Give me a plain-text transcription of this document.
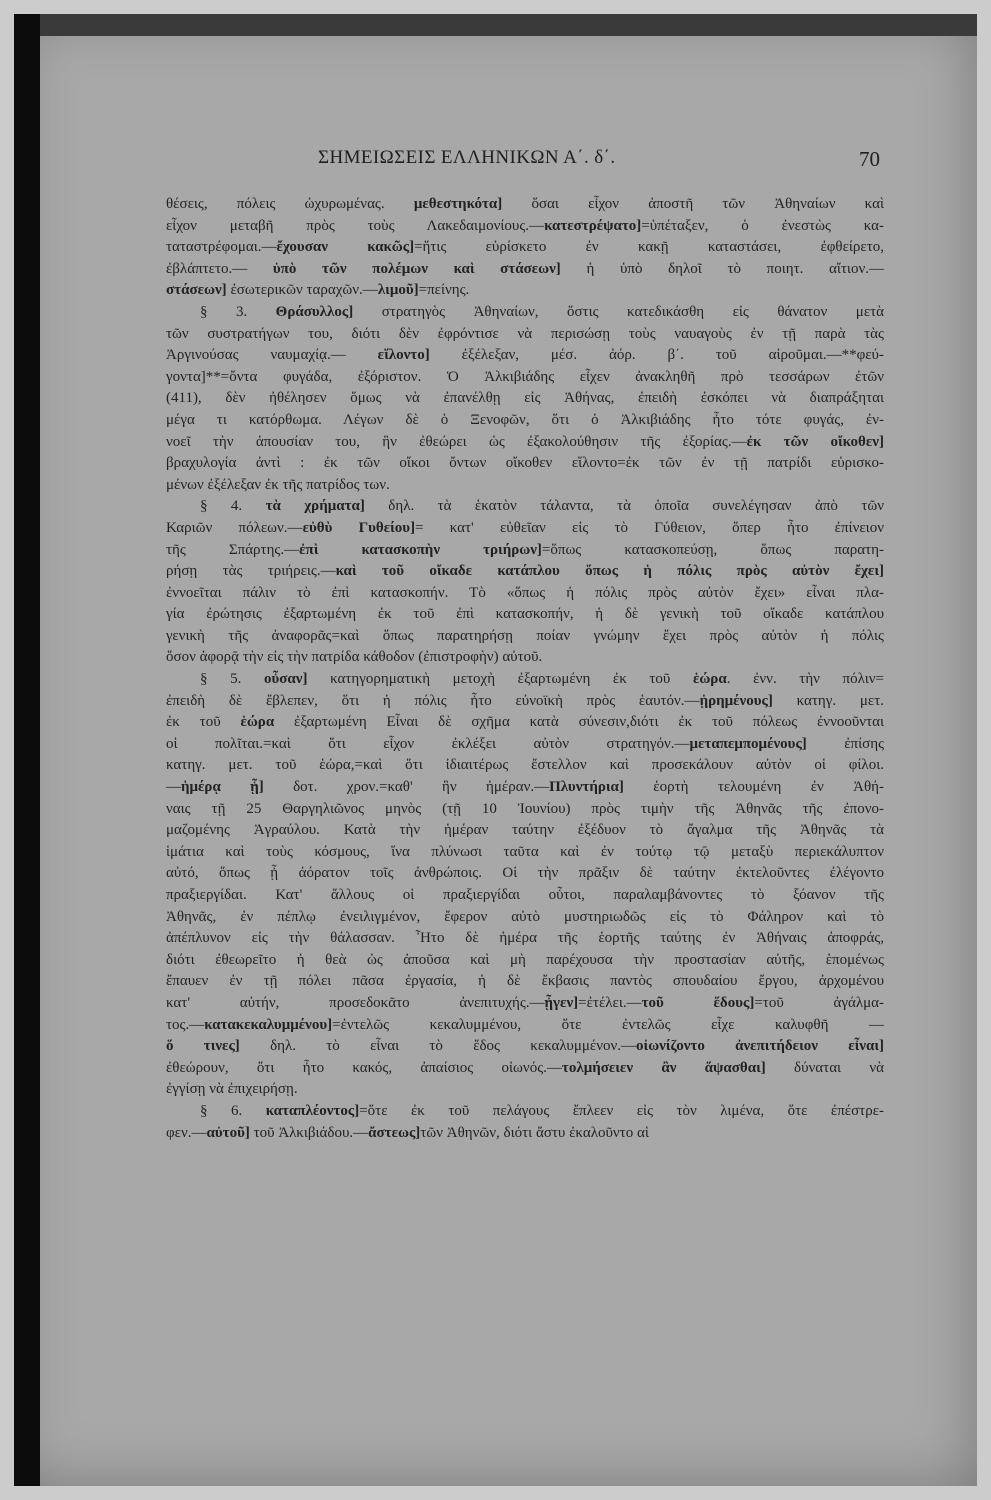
ΣΗΜΕΙΩΣΕΙΣ ΕΛΛΗΝΙΚΩΝ Α΄. δ΄.	70
θέσεις, πόλεις ὠχυρωμένας. μεθεστηκότα] ὅσαι εἶχον ἀποστῆ τῶν Ἀθηναίων καὶ
εἶχον μεταβῆ πρὸς τοὺς Λακεδαιμονίους.—κατεστρέψατο]=ὑπέταξεν, ὁ ἐνεστὼς κα-
ταταστρέφομαι.—ἔχουσαν κακῶς]=ἥτις εὑρίσκετο ἐν κακῇ καταστάσει, ἐφθείρετο,
ἐβλάπτετο.— ὑπὸ τῶν πολέμων καὶ στάσεων] ἡ ὑπὸ δηλοῖ τὸ ποιητ. αἴτιον.—
στάσεων] ἐσωτερικῶν ταραχῶν.—λιμοῦ]=πείνης.
§ 3. Θράσυλλος] στρατηγὸς Ἀθηναίων, ὅστις κατεδικάσθη εἰς θάνατον μετὰ
τῶν συστρατήγων του, διότι δὲν ἐφρόντισε νὰ περισώσῃ τοὺς ναυαγοὺς ἐν τῇ παρὰ τὰς
Ἀργινούσας ναυμαχίᾳ.— εἵλοντο] ἐξέλεξαν, μέσ. ἀόρ. β΄. τοῦ αἱροῦμαι.—**φεύ-
γοντα]**=ὄντα φυγάδα, ἐξόριστον. Ὁ Ἀλκιβιάδης εἶχεν ἀνακληθῆ πρὸ τεσσάρων ἐτῶν
(411), δὲν ἠθέλησεν ὅμως νὰ ἐπανέλθῃ εἰς Ἀθήνας, ἐπειδὴ ἐσκόπει νὰ διαπράξηται
μέγα τι κατόρθωμα. Λέγων δὲ ὁ Ξενοφῶν, ὅτι ὁ Ἀλκιβιάδης ἦτο τότε φυγάς, ἐν-
νοεῖ τὴν ἀπουσίαν του, ἣν ἐθεώρει ὡς ἐξακολούθησιν τῆς ἐξορίας.—ἐκ τῶν οἴκοθεν]
βραχυλογία ἀντὶ : ἐκ τῶν οἴκοι ὄντων οἴκοθεν εἵλοντο=ἐκ τῶν ἐν τῇ πατρίδι εὑρισκο-
μένων ἐξέλεξαν ἐκ τῆς πατρίδος των.
§ 4. τὰ χρήματα] δηλ. τὰ ἑκατὸν τάλαντα, τὰ ὁποῖα συνελέγησαν ἀπὸ τῶν
Καριῶν πόλεων.—εὐθὺ Γυθείου]= κατ' εὐθεῖαν εἰς τὸ Γύθειον, ὅπερ ἦτο ἐπίνειον
τῆς Σπάρτης.—ἐπὶ κατασκοπὴν τριήρων]=ὅπως κατασκοπεύσῃ, ὅπως παρατη-
ρήσῃ τὰς τριήρεις.—καὶ τοῦ οἴκαδε κατάπλου ὅπως ἡ πόλις πρὸς αὐτὸν ἔχει]
ἐννοεῖται πάλιν τὸ ἐπὶ κατασκοπήν. Τὸ «ὅπως ἡ πόλις πρὸς αὐτὸν ἔχει» εἶναι πλα-
γία ἐρώτησις ἐξαρτωμένη ἐκ τοῦ ἐπὶ κατασκοπήν, ἡ δὲ γενικὴ τοῦ οἴκαδε κατάπλου
γενικὴ τῆς ἀναφορᾶς=καὶ ὅπως παρατηρήσῃ ποίαν γνώμην ἔχει πρὸς αὐτὸν ἡ πόλις
ὅσον ἀφορᾷ τὴν εἰς τὴν πατρίδα κάθοδον (ἐπιστροφὴν) αὐτοῦ.
§ 5. οὖσαν] κατηγορηματικὴ μετοχὴ ἐξαρτωμένη ἐκ τοῦ ἑώρα. ἐνν. τὴν πόλιν=
ἐπειδὴ δὲ ἔβλεπεν, ὅτι ἡ πόλις ἦτο εὐνοϊκὴ πρὸς ἑαυτόν.—ᾑρημένους] κατηγ. μετ.
ἐκ τοῦ ἑώρα ἐξαρτωμένη Εἶναι δὲ σχῆμα κατὰ σύνεσιν,διότι ἐκ τοῦ πόλεως ἐννοοῦνται
οἱ πολῖται.=καὶ ὅτι εἶχον ἐκλέξει αὐτὸν στρατηγόν.—μεταπεμπομένους] ἐπίσης
κατηγ. μετ. τοῦ ἑώρα,=καὶ ὅτι ἰδιαιτέρως ἔστελλον καὶ προσεκάλουν αὐτὸν οἱ φίλοι.
—ἡμέρᾳ ᾗ] δοτ. χρον.=καθ' ἣν ἡμέραν.—Πλυντήρια] ἑορτὴ τελουμένη ἐν Ἀθή-
ναις τῇ 25 Θαργηλιῶνος μηνὸς (τῇ 10 Ἰουνίου) πρὸς τιμὴν τῆς Ἀθηνᾶς τῆς ἐπονο-
μαζομένης Ἀγραύλου. Κατὰ τὴν ἡμέραν ταύτην ἐξέδυον τὸ ἄγαλμα τῆς Ἀθηνᾶς τὰ
ἱμάτια καὶ τοὺς κόσμους, ἵνα πλύνωσι ταῦτα καὶ ἐν τούτῳ τῷ μεταξὺ περιεκάλυπτον
αὐτό, ὅπως ᾖ ἀόρατον τοῖς ἀνθρώποις. Οἱ τὴν πρᾶξιν δὲ ταύτην ἐκτελοῦντες ἐλέγοντο
πραξιεργίδαι. Κατ' ἄλλους οἱ πραξιεργίδαι οὗτοι, παραλαμβάνοντες τὸ ξόανον τῆς
Ἀθηνᾶς, ἐν πέπλῳ ἐνειλιγμένον, ἔφερον αὐτὸ μυστηριωδῶς εἰς τὸ Φάληρον καὶ τὸ
ἀπέπλυνον εἰς τὴν θάλασσαν. Ἦτο δὲ ἡμέρα τῆς ἑορτῆς ταύτης ἐν Ἀθήναις ἀποφράς,
διότι ἐθεωρεῖτο ἡ θεὰ ὡς ἀποῦσα καὶ μὴ παρέχουσα τὴν προστασίαν αὐτῆς, ἑπομένως
ἔπαυεν ἐν τῇ πόλει πᾶσα ἐργασία, ἡ δὲ ἔκβασις παντὸς σπουδαίου ἔργου, ἀρχομένου
κατ' αὐτήν, προσεδοκᾶτο ἀνεπιτυχής.—ᾖγεν]=ἐτέλει.—τοῦ ἕδους]=τοῦ ἀγάλμα-
τος.—κατακεκαλυμμένου]=ἐντελῶς κεκαλυμμένου, ὅτε ἐντελῶς εἶχε καλυφθῆ —
ὅ τινες] δηλ. τὸ εἶναι τὸ ἕδος κεκαλυμμένον.—οἰωνίζοντο ἀνεπιτήδειον εἶναι]
ἐθεώρουν, ὅτι ἦτο κακός, ἀπαίσιος οἰωνός.—τολμήσειεν ἂν ἅψασθαι] δύναται νὰ
ἐγγίσῃ νὰ ἐπιχειρήσῃ.
§ 6. καταπλέοντος]=ὅτε ἐκ τοῦ πελάγους ἔπλεεν εἰς τὸν λιμένα, ὅτε ἐπέστρε-
φεν.—αὐτοῦ] τοῦ Ἀλκιβιάδου.—ἄστεως]τῶν Ἀθηνῶν, διότι ἄστυ ἐκαλοῦντο αἱ
